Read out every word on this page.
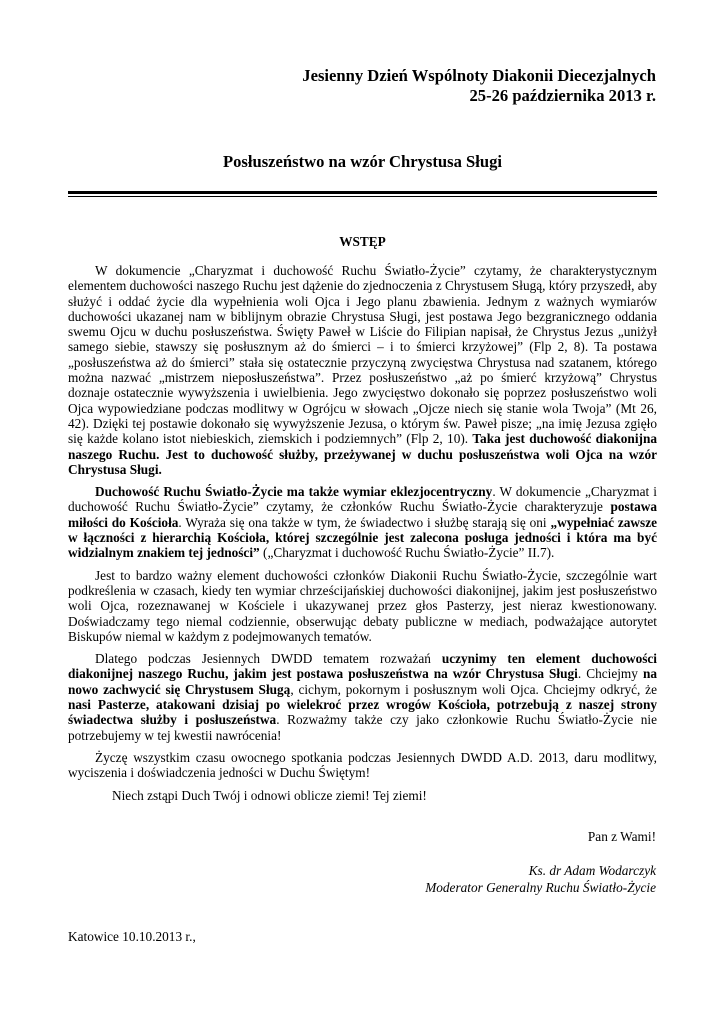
Jesienny Dzień Wspólnoty Diakonii Diecezjalnych
25-26 października 2013 r.
Posłuszeństwo na wzór Chrystusa Sługi
WSTĘP

W dokumencie „Charyzmat i duchowość Ruchu Światło-Życie” czytamy, że charakterystycznym elementem duchowości naszego Ruchu jest dążenie do zjednoczenia z Chrystusem Sługą, który przyszedł, aby służyć i oddać życie dla wypełnienia woli Ojca i Jego planu zbawienia. Jednym z ważnych wymiarów duchowości ukazanej nam w biblijnym obrazie Chrystusa Sługi, jest postawa Jego bezgranicznego oddania swemu Ojcu w duchu posłuszeństwa. Święty Paweł w Liście do Filipian napisał, że Chrystus Jezus „uniżył samego siebie, stawszy się posłusznym aż do śmierci – i to śmierci krzyżowej” (Flp 2, 8). Ta postawa „posłuszeństwa aż do śmierci” stała się ostatecznie przyczyną zwycięstwa Chrystusa nad szatanem, którego można nazwać „mistrzem nieposłuszeństwa”. Przez posłuszeństwo „aż po śmierć krzyżową” Chrystus doznaje ostatecznie wywyższenia i uwielbienia. Jego zwycięstwo dokonało się poprzez posłuszeństwo woli Ojca wypowiedziane podczas modlitwy w Ogrójcu w słowach „Ojcze niech się stanie wola Twoja” (Mt 26, 42). Dzięki tej postawie dokonało się wywyższenie Jezusa, o którym św. Paweł pisze; „na imię Jezusa zgięło się każde kolano istot niebieskich, ziemskich i podziemnych” (Flp 2, 10). Taka jest duchowość diakonijna naszego Ruchu. Jest to duchowość służby, przeżywanej w duchu posłuszeństwa woli Ojca na wzór Chrystusa Sługi.

Duchowość Ruchu Światło-Życie ma także wymiar eklezjocentryczny. W dokumencie „Charyzmat i duchowość Ruchu Światło-Życie” czytamy, że członków Ruchu Światło-Życie charakteryzuje postawa miłości do Kościoła. Wyraża się ona także w tym, że świadectwo i służbę starają się oni „wypełniać zawsze w łączności z hierarchią Kościoła, której szczególnie jest zalecona posługa jedności i która ma być widzialnym znakiem tej jedności” („Charyzmat i duchowość Ruchu Światło-Życie” II.7).

Jest to bardzo ważny element duchowości członków Diakonii Ruchu Światło-Życie, szczególnie wart podkreślenia w czasach, kiedy ten wymiar chrześcijańskiej duchowości diakonijnej, jakim jest posłuszeństwo woli Ojca, rozeznawanej w Kościele i ukazywanej przez głos Pasterzy, jest nieraz kwestionowany. Doświadczamy tego niemal codziennie, obserwując debaty publiczne w mediach, podważające autorytet Biskupów niemal w każdym z podejmowanych tematów.

Dlatego podczas Jesiennych DWDD tematem rozważań uczynimy ten element duchowości diakonijnej naszego Ruchu, jakim jest postawa posłuszeństwa na wzór Chrystusa Sługi. Chciejmy na nowo zachwycić się Chrystusem Sługą, cichym, pokornym i posłusznym woli Ojca. Chciejmy odkryć, że nasi Pasterze, atakowani dzisiaj po wielekroć przez wrogów Kościoła, potrzebują z naszej strony świadectwa służby i posłuszeństwa. Rozważmy także czy jako członkowie Ruchu Światło-Życie nie potrzebujemy w tej kwestii nawrócenia!

Życzę wszystkim czasu owocnego spotkania podczas Jesiennych DWDD A.D. 2013, daru modlitwy, wyciszenia i doświadczenia jedności w Duchu Świętym!

Niech zstąpi Duch Twój i odnowi oblicze ziemi! Tej ziemi!

Pan z Wami!
Ks. dr Adam Wodarczyk
Moderator Generalny Ruchu Światło-Życie
Katowice 10.10.2013 r.,
